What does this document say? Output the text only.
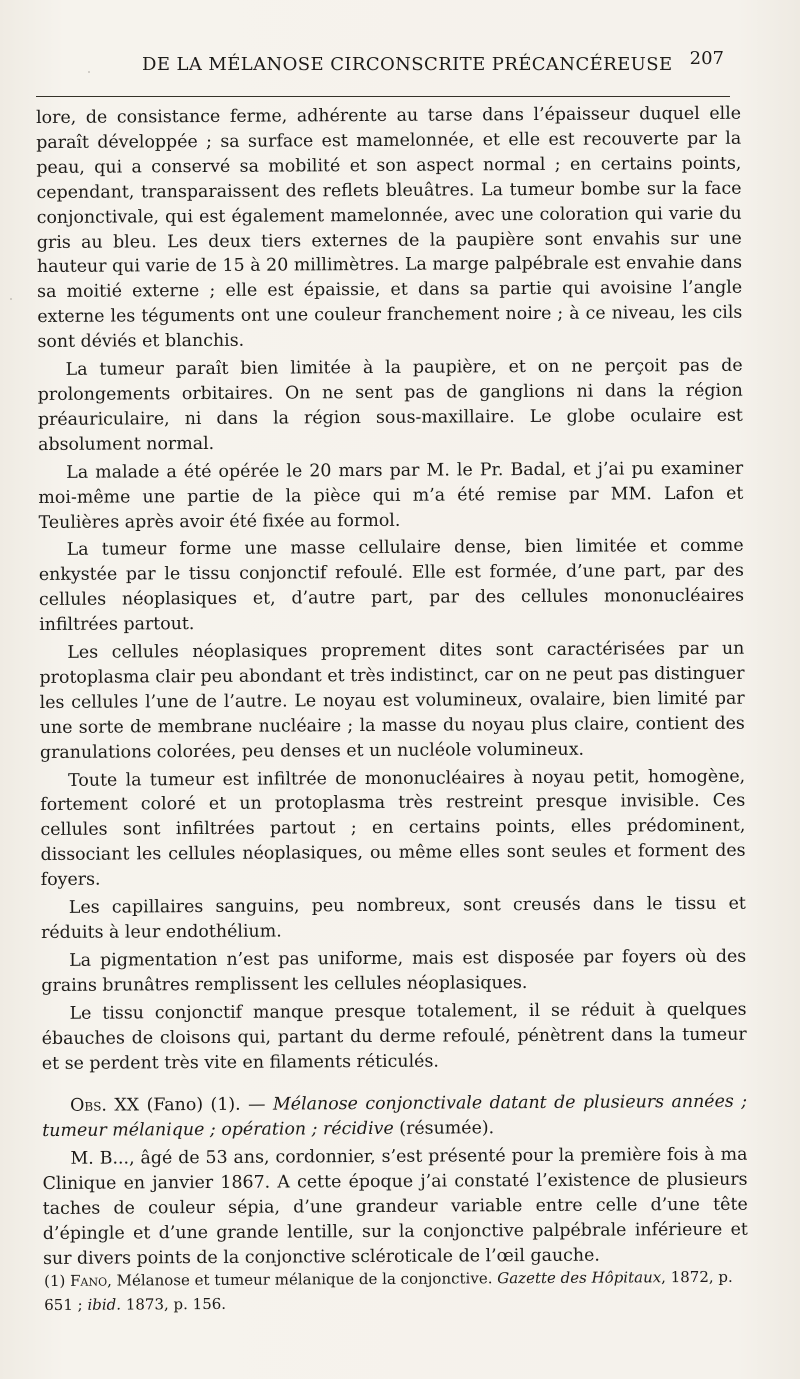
DE LA MÉLANOSE CIRCONSCRITE PRÉCANCÉREUSE 207

lore, de consistance ferme, adhérente au tarse dans l’épaisseur duquel elle paraît développée ; sa surface est mamelonnée, et elle est recouverte par la peau, qui a conservé sa mobilité et son aspect normal ; en certains points, cependant, transparaissent des reflets bleuâtres. La tumeur bombe sur la face conjonctivale, qui est également mamelonnée, avec une coloration qui varie du gris au bleu. Les deux tiers externes de la paupière sont envahis sur une hauteur qui varie de 15 à 20 millimètres. La marge palpébrale est envahie dans sa moitié externe ; elle est épaissie, et dans sa partie qui avoisine l’angle externe les téguments ont une couleur franchement noire ; à ce niveau, les cils sont déviés et blanchis.

La tumeur paraît bien limitée à la paupière, et on ne perçoit pas de prolongements orbitaires. On ne sent pas de ganglions ni dans la région préauriculaire, ni dans la région sous-maxillaire. Le globe oculaire est absolument normal.

La malade a été opérée le 20 mars par M. le Pr. Badal, et j’ai pu examiner moi-même une partie de la pièce qui m’a été remise par MM. Lafon et Teulières après avoir été fixée au formol.

La tumeur forme une masse cellulaire dense, bien limitée et comme enkystée par le tissu conjonctif refoulé. Elle est formée, d’une part, par des cellules néoplasiques et, d’autre part, par des cellules mononucléaires infiltrées partout.

Les cellules néoplasiques proprement dites sont caractérisées par un protoplasma clair peu abondant et très indistinct, car on ne peut pas distinguer les cellules l’une de l’autre. Le noyau est volumineux, ovalaire, bien limité par une sorte de membrane nucléaire ; la masse du noyau plus claire, contient des granulations colorées, peu denses et un nucléole volumineux.

Toute la tumeur est infiltrée de mononucléaires à noyau petit, homogène, fortement coloré et un protoplasma très restreint presque invisible. Ces cellules sont infiltrées partout ; en certains points, elles prédominent, dissociant les cellules néoplasiques, ou même elles sont seules et forment des foyers.

Les capillaires sanguins, peu nombreux, sont creusés dans le tissu et réduits à leur endothélium.

La pigmentation n’est pas uniforme, mais est disposée par foyers où des grains brunâtres remplissent les cellules néoplasiques.

Le tissu conjonctif manque presque totalement, il se réduit à quelques ébauches de cloisons qui, partant du derme refoulé, pénètrent dans la tumeur et se perdent très vite en filaments réticulés.

Obs. XX (Fano) (1). — Mélanose conjonctivale datant de plusieurs années ; tumeur mélanique ; opération ; récidive (résumée).

M. B..., âgé de 53 ans, cordonnier, s’est présenté pour la première fois à ma Clinique en janvier 1867. A cette époque j’ai constaté l’existence de plusieurs taches de couleur sépia, d’une grandeur variable entre celle d’une tête d’épingle et d’une grande lentille, sur la conjonctive palpébrale inférieure et sur divers points de la conjonctive scléroticale de l’œil gauche.

(1) Fano, Mélanose et tumeur mélanique de la conjonctive. Gazette des Hôpitaux, 1872, p. 651 ; ibid. 1873, p. 156.
